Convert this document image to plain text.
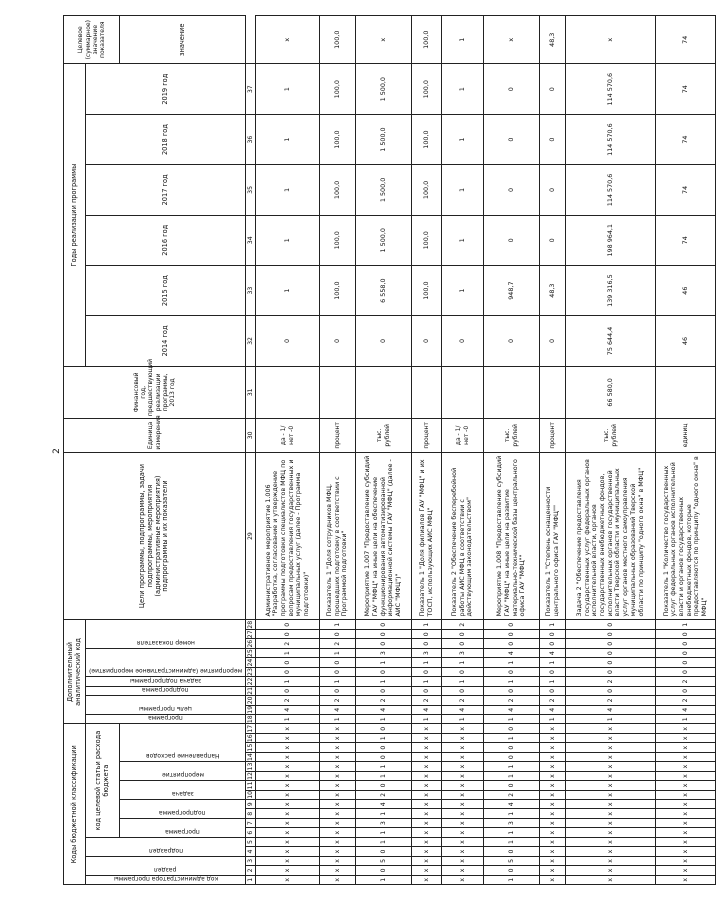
2
Коды бюджетной классификации																	Дополнительный аналитический код											Цели программы, подпрограммы, задачи подпрограммы, мероприятия (административные мероприятия) подпрограммы и их показатели	Единица измерения	Финансовый год, предшествующий реализации программы, 2013 год	Годы реализации программы						Целевое (суммарное) значение показателя

код администратора программы	раздел		подраздел		код целевой статьи расхода бюджета												программа	цель программы		подпрограмма	задача подпрограммы	мероприятие (административное мероприятие)			номер показателя						2014 год	2015 год	2016 год	2017 год	2018 год	2019 год	

					программа		подпрограмма		задача		мероприятие		Направление расходов																								значение
1	2	3	4	5	6	7	8	9	10	11	12	13	14	15	16	17	18	19	20	21	22	23	24	25	26	27	28	29	30	31	32	33	34	35	36	37	
x	x	x	x	x	x	x	x	x	x	x	x	x	x	x	x	x	1	4	2	0	1	0	0	1	2	0	0	Административное мероприятие 1.006 "Разработка, согласование и утверждение программы подготовки специалистов МФЦ по вопросам предоставления государственных и муниципальных услуг (далее - Программа подготовки)"	да - 1/ нет -0		0	1	1	1	1	1	x
x	x	x	x	x	x	x	x	x	x	x	x	x	x	x	x	x	1	4	2	0	1	0	0	1	2	0	1	Показатель 1 "Доля сотрудников МФЦ, прошедших подготовку в соответствии с Программой подготовки"	процент		0	100,0	100,0	100,0	100,0	100,0	100,0
1	0	5	0	1	1	3	1	4	2	0	1	1	0	0	1	0	1	4	2	0	1	0	1	3	0	0	0	Мероприятие 1.007 "Предоставление субсидий ГАУ "МФЦ" на иные цели на обеспечение функционирования автоматизированной информационной системы ГАУ "МФЦ" (далее - АИС "МФЦ")"	тыс. рублей		0	6 558,0	1 500,0	1 500,0	1 500,0	1 500,0	x
x	x	x	x	x	x	x	x	x	x	x	x	x	x	x	x	x	1	4	2	0	1	0	1	3	0	0	1	Показатель 1 "Доля филиалов ГАУ "МФЦ" и их ТОСП, использующих АИС МФЦ"	процент		0	100,0	100,0	100,0	100,0	100,0	100,0
x	x	x	x	x	x	x	x	x	x	x	x	x	x	x	x	x	1	4	2	0	1	0	1	3	0	0	2	Показатель 2 "Обеспечение бесперебойной работы АИС МФЦ в соответствии с действующим законодательством"	да - 1/ нет -0		0	1	1	1	1	1	1
1	0	5	0	1	1	3	1	4	2	0	1	1	0	0	1	0	1	4	2	0	1	0	1	4	0	0	0	Мероприятие 1.008 "Предоставление субсидий ГАУ "МФЦ" на иные цели на развитие материально-технической базы центрального офиса ГАУ "МФЦ""	тыс. рублей		0	948,7	0	0	0	0	x
x	x	x	x	x	x	x	x	x	x	x	x	x	x	x	x	x	1	4	2	0	1	0	1	4	0	0	1	Показатель 1 "Степень оснащенности центрального офиса ГАУ "МФЦ""	процент		0	48,3	0	0	0	0	48,3
x	x	x	x	x	x	x	x	x	x	x	x	x	x	x	x	x	1	4	2	0	2	0	0	0	0	0	0	Задача 2 "Обеспечение предоставления государственных услуг федеральных органов исполнительной власти, органов государственных внебюджетных фондов, исполнительных органов государственной власти Тверской области и муниципальных услуг органов местного самоуправления муниципальных образований Тверской области по принципу "одного окна" в МФЦ"	тыс. рублей	66 580,0	75 644,4	139 316,5	198 964,1	114 570,6	114 570,6	114 570,6	x
x	x	x	x	x	x	x	x	x	x	x	x	x	x	x	x	x	1	4	2	0	2	0	0	0	0	0	1	Показатель 1 "Количество государственных услуг федеральных органов исполнительной власти и органов государственных внебюджетных фондов, которые предоставляются по принципу "одного окна" в МФЦ"	единиц		46	46	74	74	74	74	74
